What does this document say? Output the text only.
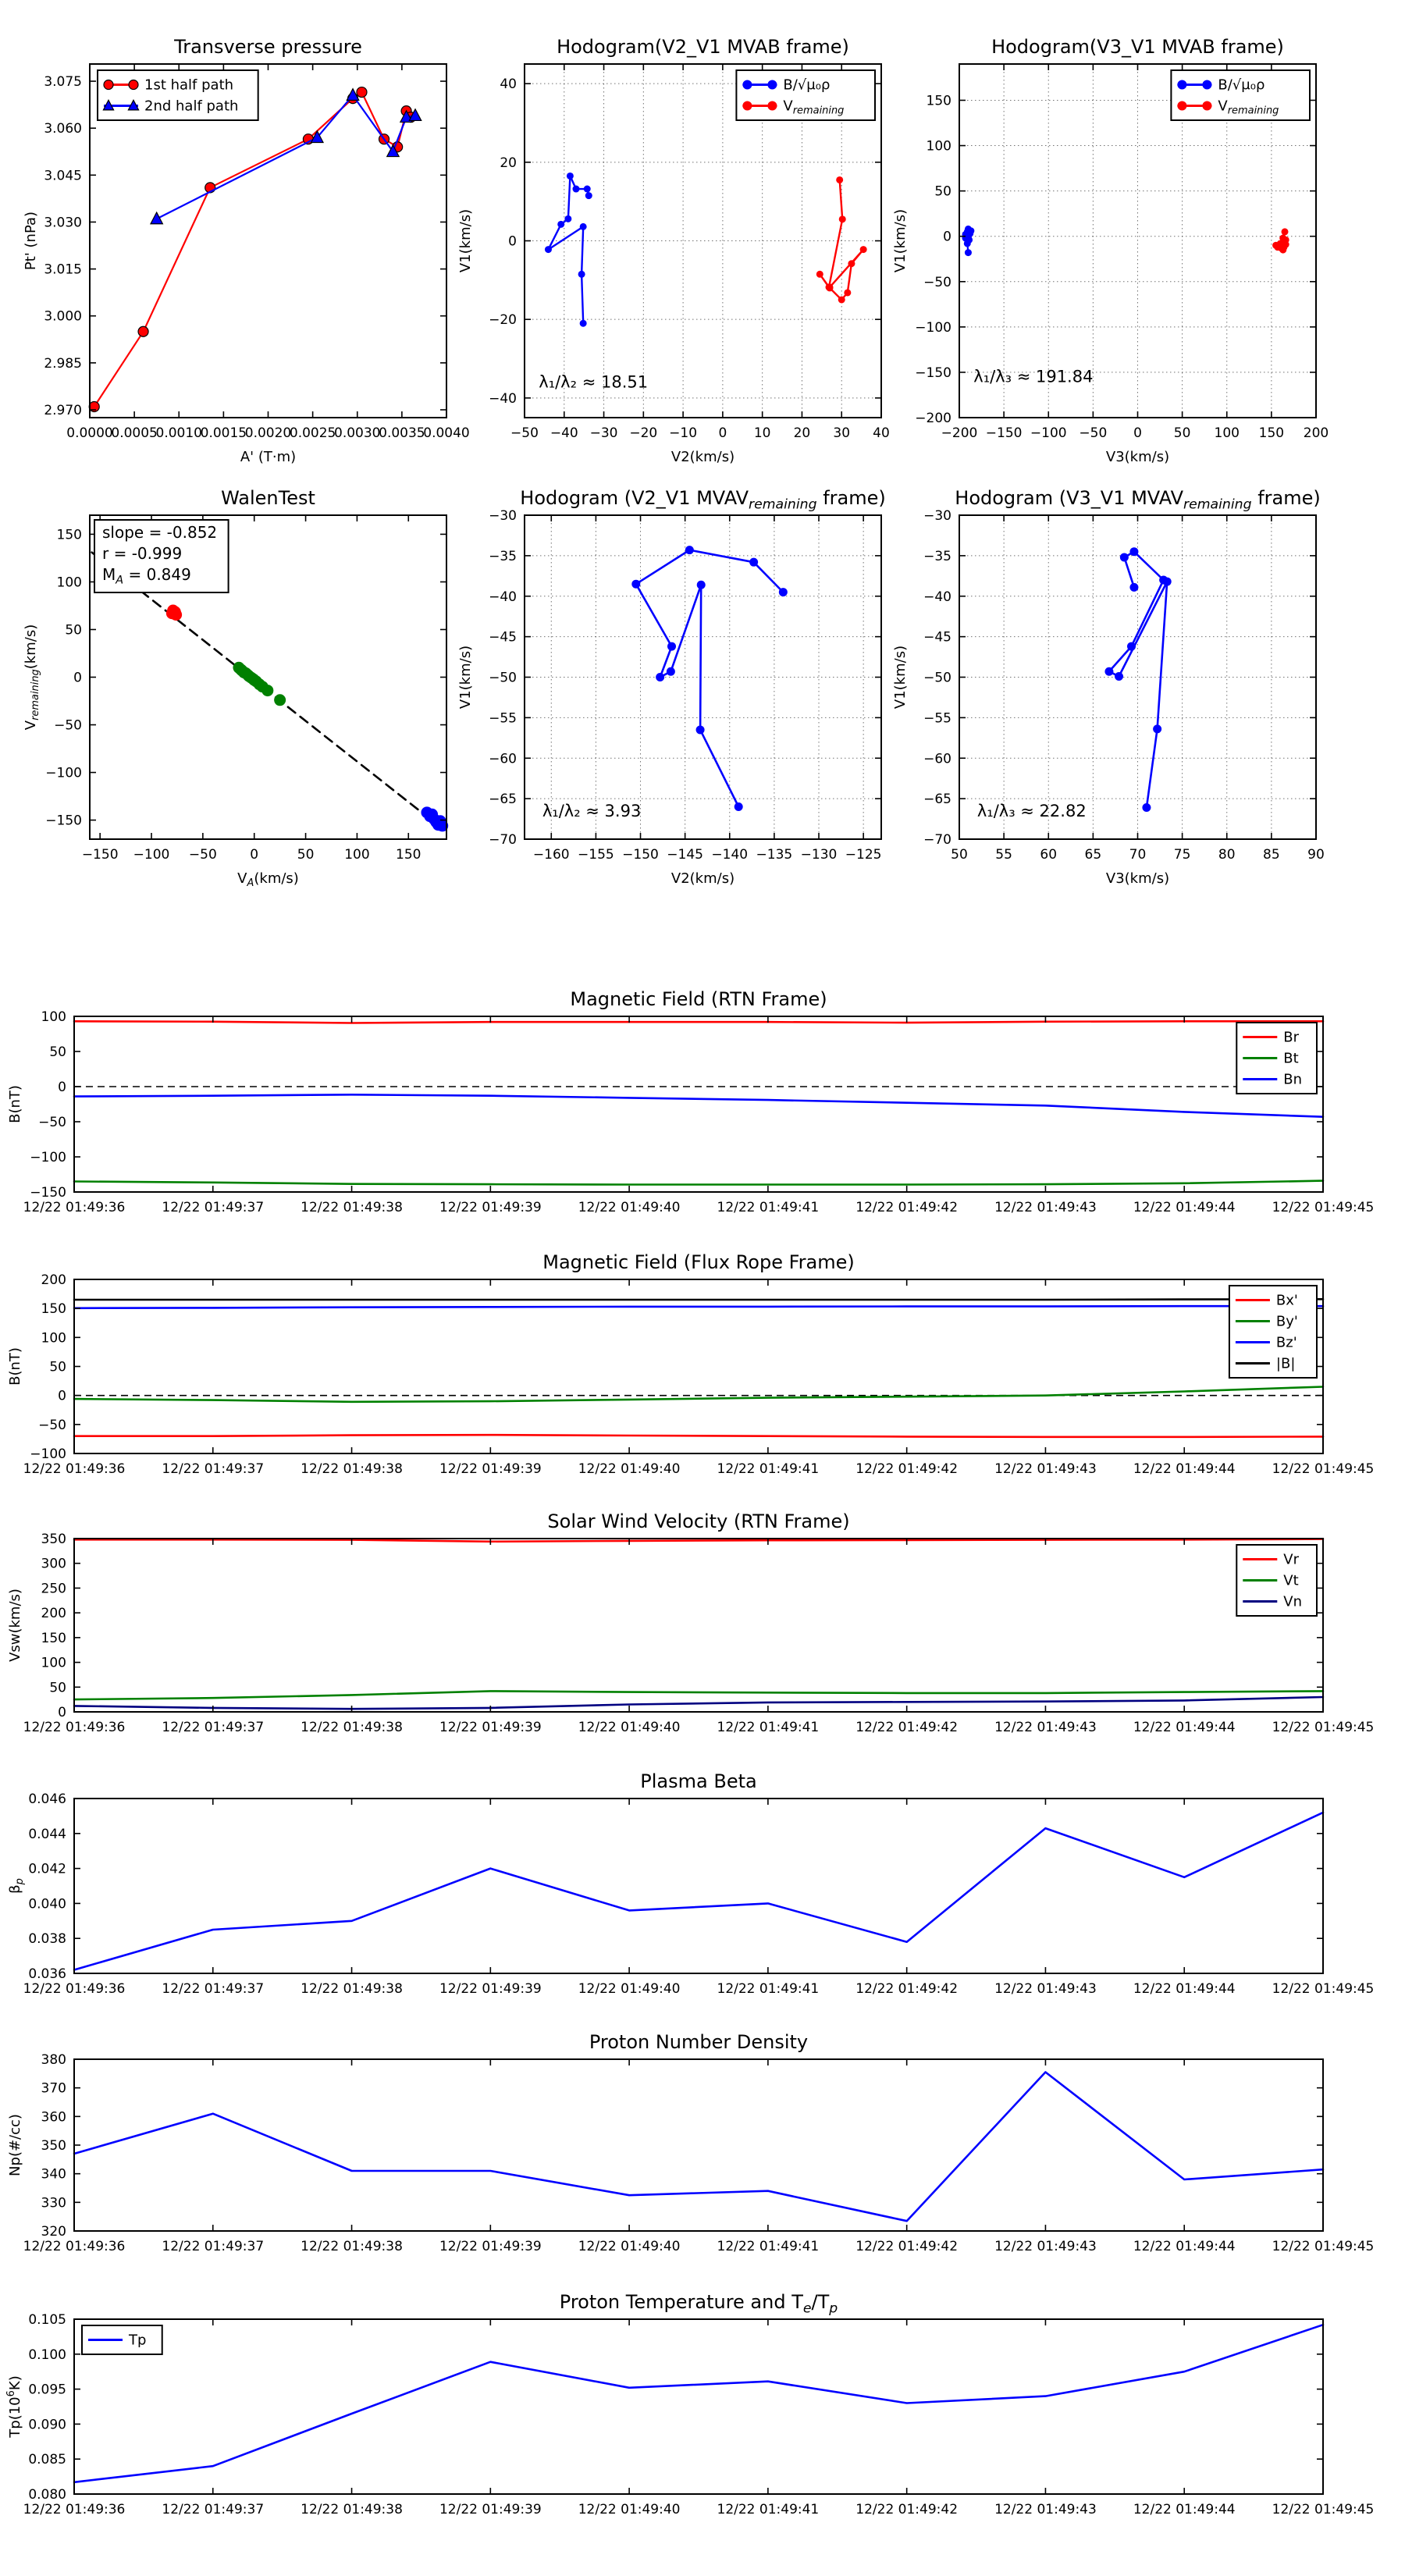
0.0000
0.0005
0.0010
0.0015
0.0020
0.0025
0.0030
0.0035
0.0040
2.970
2.985
3.000
3.015
3.030
3.045
3.060
3.075
Transverse pressure
A' (T·m)
Pt' (nPa)
1st half path
2nd half path
−50 −40 −30 −20 −10 0 10 20 30 40
−40
−20
0
20
40
Hodogram(V2_V1 MVAB frame)
V2(km/s)
V1(km/s)
B/√μ₀ρ
$V_{remaining}$
λ₁/λ₂ ≈ 18.51
−200 −150 −100 −50 0 50 100 150 200
−200
−150
−100
−50
0
50
100
150
Hodogram(V3_V1 MVAB frame)
V3(km/s)
V1(km/s)
B/√μ₀ρ
$V_{remaining}$
λ₁/λ₃ ≈ 191.84
−150 −100 −50 0	50 100 150
−150
−100
−50
0
50
100
150
WalenTest
$V_A(km/s)$
$V_{remaining}(km/s)$
slope = -0.852
r = -0.999
$M_A = 0.849$
−160 −155 −150 −145 −140 −135 −130 −125
−70
−65
−60
−55
−50
−45
−40
−35
−30
Hodogram (V2_V1 $MVAV_{remaining}$ frame)
V2(km/s)
V1(km/s)
λ₁/λ₂ ≈ 3.93
50 55 60 65 70 75 80 85 90
−70
−65
−60
−55
−50
−45
−40
−35
−30
Hodogram (V3_V1 $MVAV_{remaining}$ frame)
V3(km/s)
V1(km/s)
λ₁/λ₃ ≈ 22.82
12/22 01:49:36	12/22 01:49:37	12/22 01:49:38	12/22 01:49:39	12/22 01:49:40	12/22 01:49:41	12/22 01:49:42	12/22 01:49:43	12/22 01:49:44	12/22 01:49:45
−150
−100
−50
0
50
100
Magnetic Field (RTN Frame)
B(nT)
Br
Bt
Bn
12/22 01:49:36	12/22 01:49:37	12/22 01:49:38	12/22 01:49:39	12/22 01:49:40	12/22 01:49:41	12/22 01:49:42	12/22 01:49:43	12/22 01:49:44	12/22 01:49:45
−100
−50
0
50
100
150
200
Magnetic Field (Flux Rope Frame)
B(nT)
Bx'
By'
Bz'
|B|
12/22 01:49:36	12/22 01:49:37	12/22 01:49:38	12/22 01:49:39	12/22 01:49:40	12/22 01:49:41	12/22 01:49:42	12/22 01:49:43	12/22 01:49:44	12/22 01:49:45
0
50
100
150
200
250
300
350
Solar Wind Velocity (RTN Frame)
Vsw(km/s)
Vr
Vt
Vn
12/22 01:49:36	12/22 01:49:37	12/22 01:49:38	12/22 01:49:39	12/22 01:49:40	12/22 01:49:41	12/22 01:49:42	12/22 01:49:43	12/22 01:49:44	12/22 01:49:45
0.036
0.038
0.040
0.042
0.044
0.046
Plasma Beta
$\beta_p$
12/22 01:49:36	12/22 01:49:37	12/22 01:49:38	12/22 01:49:39	12/22 01:49:40	12/22 01:49:41	12/22 01:49:42	12/22 01:49:43	12/22 01:49:44	12/22 01:49:45
320
330
340
350
360
370
380
Proton Number Density
Np(#/cc)
12/22 01:49:36	12/22 01:49:37	12/22 01:49:38	12/22 01:49:39	12/22 01:49:40	12/22 01:49:41	12/22 01:49:42	12/22 01:49:43	12/22 01:49:44	12/22 01:49:45
0.080
0.085
0.090
0.095
0.100
0.105
Proton Temperature and $T_e/T_p$
$Tp(10^6K)$
Tp
